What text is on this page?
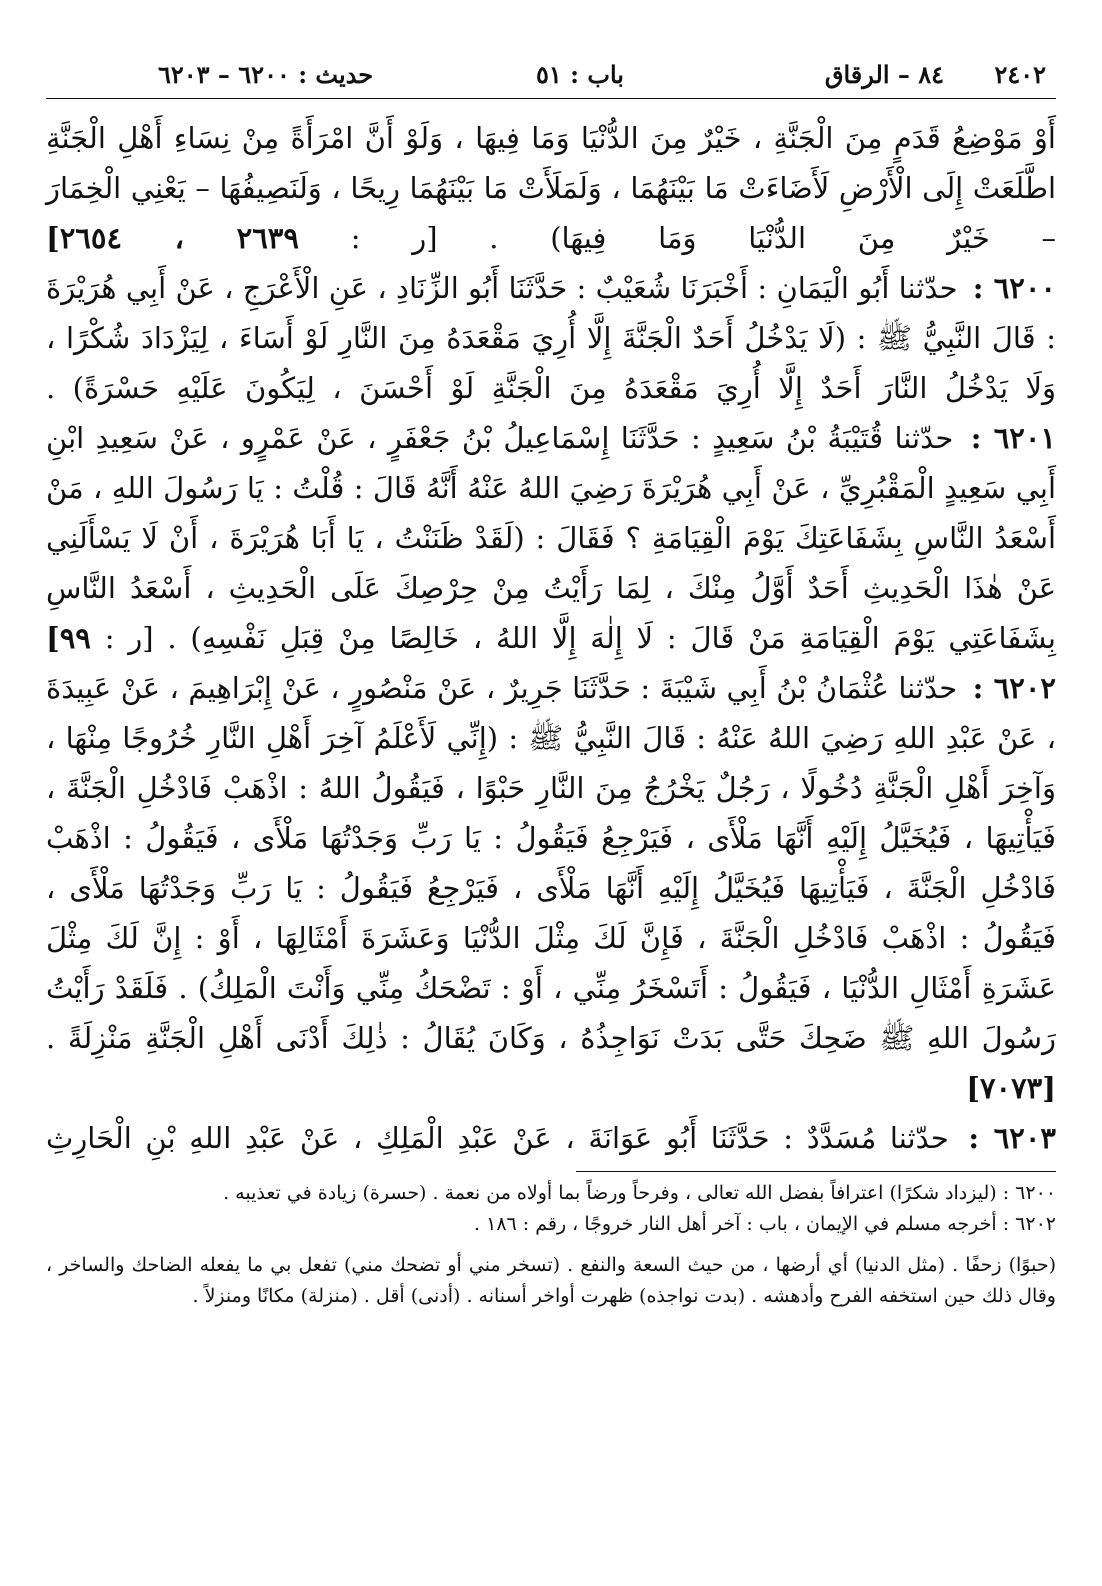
٢٤٠٢
٨٤ – الرقاق
باب : ٥١
حديث : ٦٢٠٠ – ٦٢٠٣

أَوْ مَوْضِعُ قَدَمٍ مِنَ الْجَنَّةِ ، خَيْرٌ مِنَ الدُّنْيَا وَمَا فِيهَا ، وَلَوْ أَنَّ امْرَأَةً مِنْ نِسَاءِ أَهْلِ الْجَنَّةِ اطَّلَعَتْ إِلَى الْأَرْضِ لَأَضَاءَتْ مَا بَيْنَهُمَا ، وَلَمَلَأَتْ مَا بَيْنَهُمَا رِيحًا ، وَلَنَصِيفُهَا – يَعْنِي الْخِمَارَ – خَيْرٌ مِنَ الدُّنْيَا وَمَا فِيهَا) . [ر : ٢٦٣٩ ، ٢٦٥٤]

٦٢٠٠ : حدّثنا أَبُو الْيَمَانِ : أَخْبَرَنَا شُعَيْبٌ : حَدَّثَنَا أَبُو الزِّنَادِ ، عَنِ الْأَعْرَجِ ، عَنْ أَبِي هُرَيْرَةَ : قَالَ النَّبِيُّ ﷺ : (لَا يَدْخُلُ أَحَدٌ الْجَنَّةَ إِلَّا أُرِيَ مَقْعَدَهُ مِنَ النَّارِ لَوْ أَسَاءَ ، لِيَزْدَادَ شُكْرًا ، وَلَا يَدْخُلُ النَّارَ أَحَدٌ إِلَّا أُرِيَ مَقْعَدَهُ مِنَ الْجَنَّةِ لَوْ أَحْسَنَ ، لِيَكُونَ عَلَيْهِ حَسْرَةً) .

٦٢٠١ : حدّثنا قُتَيْبَةُ بْنُ سَعِيدٍ : حَدَّثَنَا إِسْمَاعِيلُ بْنُ جَعْفَرٍ ، عَنْ عَمْرٍو ، عَنْ سَعِيدِ ابْنِ أَبِي سَعِيدٍ الْمَقْبُرِيِّ ، عَنْ أَبِي هُرَيْرَةَ رَضِيَ اللهُ عَنْهُ أَنَّهُ قَالَ : قُلْتُ : يَا رَسُولَ اللهِ ، مَنْ أَسْعَدُ النَّاسِ بِشَفَاعَتِكَ يَوْمَ الْقِيَامَةِ ؟ فَقَالَ : (لَقَدْ ظَنَنْتُ ، يَا أَبَا هُرَيْرَةَ ، أَنْ لَا يَسْأَلَنِي عَنْ هٰذَا الْحَدِيثِ أَحَدٌ أَوَّلُ مِنْكَ ، لِمَا رَأَيْتُ مِنْ حِرْصِكَ عَلَى الْحَدِيثِ ، أَسْعَدُ النَّاسِ بِشَفَاعَتِي يَوْمَ الْقِيَامَةِ مَنْ قَالَ : لَا إِلٰهَ إِلَّا اللهُ ، خَالِصًا مِنْ قِبَلِ نَفْسِهِ) . [ر : ٩٩]

٦٢٠٢ : حدّثنا عُثْمَانُ بْنُ أَبِي شَيْبَةَ : حَدَّثَنَا جَرِيرٌ ، عَنْ مَنْصُورٍ ، عَنْ إِبْرَاهِيمَ ، عَنْ عَبِيدَةَ ، عَنْ عَبْدِ اللهِ رَضِيَ اللهُ عَنْهُ : قَالَ النَّبِيُّ ﷺ : (إِنِّي لَأَعْلَمُ آخِرَ أَهْلِ النَّارِ خُرُوجًا مِنْهَا ، وَآخِرَ أَهْلِ الْجَنَّةِ دُخُولًا ، رَجُلٌ يَخْرُجُ مِنَ النَّارِ حَبْوًا ، فَيَقُولُ اللهُ : اذْهَبْ فَادْخُلِ الْجَنَّةَ ، فَيَأْتِيهَا ، فَيُخَيَّلُ إِلَيْهِ أَنَّهَا مَلْأَى ، فَيَرْجِعُ فَيَقُولُ : يَا رَبِّ وَجَدْتُهَا مَلْأَى ، فَيَقُولُ : اذْهَبْ فَادْخُلِ الْجَنَّةَ ، فَيَأْتِيهَا فَيُخَيَّلُ إِلَيْهِ أَنَّهَا مَلْأَى ، فَيَرْجِعُ فَيَقُولُ : يَا رَبِّ وَجَدْتُهَا مَلْأَى ، فَيَقُولُ : اذْهَبْ فَادْخُلِ الْجَنَّةَ ، فَإِنَّ لَكَ مِثْلَ الدُّنْيَا وَعَشَرَةَ أَمْثَالِهَا ، أَوْ : إِنَّ لَكَ مِثْلَ عَشَرَةِ أَمْثَالِ الدُّنْيَا ، فَيَقُولُ : أَتَسْخَرُ مِنِّي ، أَوْ : تَضْحَكُ مِنِّي وَأَنْتَ الْمَلِكُ) . فَلَقَدْ رَأَيْتُ رَسُولَ اللهِ ﷺ ضَحِكَ حَتَّى بَدَتْ نَوَاجِذُهُ ، وَكَانَ يُقَالُ : ذٰلِكَ أَدْنَى أَهْلِ الْجَنَّةِ مَنْزِلَةً . [٧٠٧٣]

٦٢٠٣ : حدّثنا مُسَدَّدٌ : حَدَّثَنَا أَبُو عَوَانَةَ ، عَنْ عَبْدِ الْمَلِكِ ، عَنْ عَبْدِ اللهِ بْنِ الْحَارِثِ

٦٢٠٠ : (ليزداد شكرًا) اعترافاً بفضل الله تعالى ، وفرحاً ورضاً بما أولاه من نعمة . (حسرة) زيادة في تعذيبه .

٦٢٠٢ : أخرجه مسلم في الإيمان ، باب : آخر أهل النار خروجًا ، رقم : ١٨٦ .

(حبوًا) زحفًا . (مثل الدنيا) أي أرضها ، من حيث السعة والنفع . (تسخر مني أو تضحك مني) تفعل بي ما يفعله الضاحك والساخر ، وقال ذلك حين استخفه الفرح وأدهشه . (بدت نواجذه) ظهرت أواخر أسنانه . (أدنى) أقل . (منزلة) مكانًا ومنزلاً .
